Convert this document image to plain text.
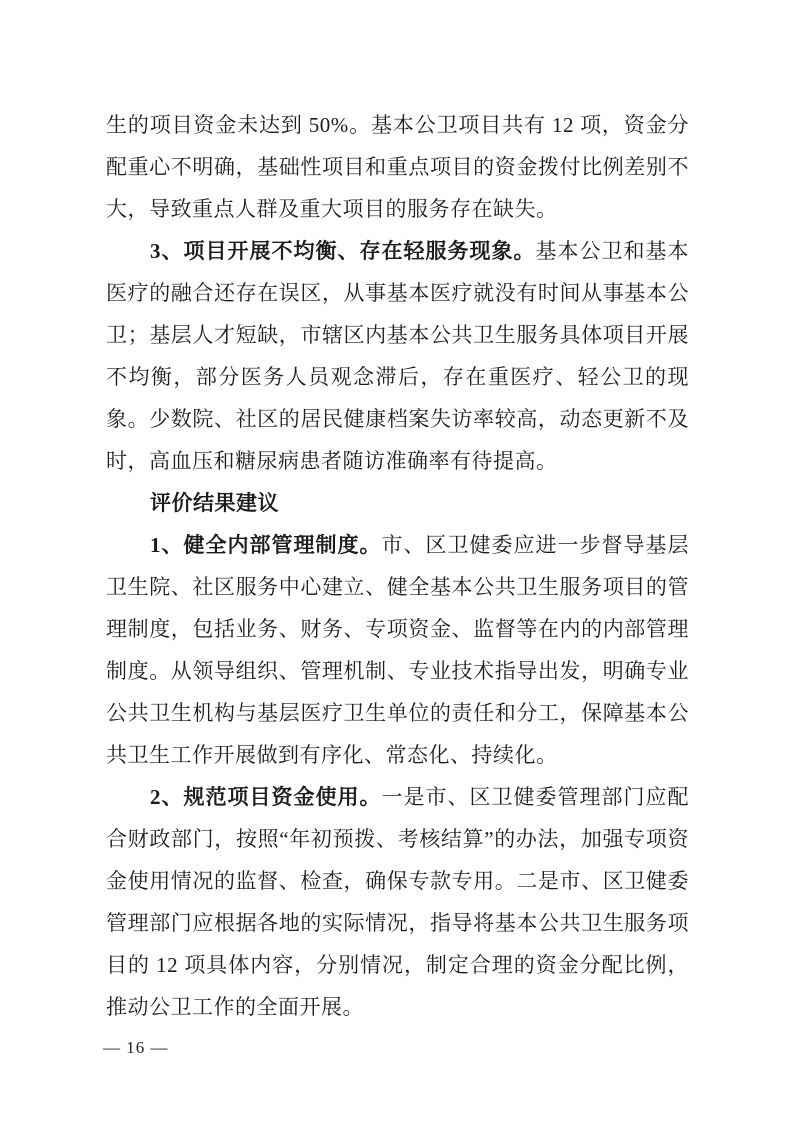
生的项目资金未达到 50%。基本公卫项目共有 12 项，资金分配重心不明确，基础性项目和重点项目的资金拨付比例差别不大，导致重点人群及重大项目的服务存在缺失。

3、项目开展不均衡、存在轻服务现象。基本公卫和基本医疗的融合还存在误区，从事基本医疗就没有时间从事基本公卫；基层人才短缺，市辖区内基本公共卫生服务具体项目开展不均衡，部分医务人员观念滞后，存在重医疗、轻公卫的现象。少数院、社区的居民健康档案失访率较高，动态更新不及时，高血压和糖尿病患者随访准确率有待提高。

评价结果建议

1、健全内部管理制度。市、区卫健委应进一步督导基层卫生院、社区服务中心建立、健全基本公共卫生服务项目的管理制度，包括业务、财务、专项资金、监督等在内的内部管理制度。从领导组织、管理机制、专业技术指导出发，明确专业公共卫生机构与基层医疗卫生单位的责任和分工，保障基本公共卫生工作开展做到有序化、常态化、持续化。

2、规范项目资金使用。一是市、区卫健委管理部门应配合财政部门，按照“年初预拨、考核结算”的办法，加强专项资金使用情况的监督、检查，确保专款专用。二是市、区卫健委管理部门应根据各地的实际情况，指导将基本公共卫生服务项目的 12 项具体内容，分别情况，制定合理的资金分配比例，推动公卫工作的全面开展。

— 16 —
